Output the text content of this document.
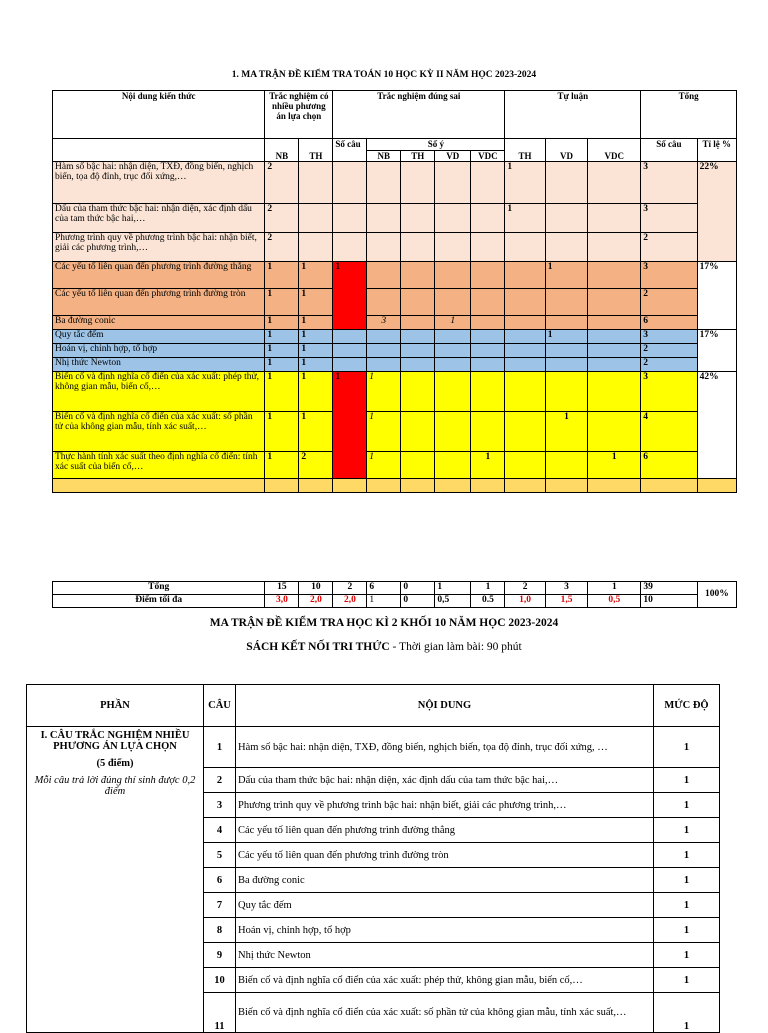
1. MA TRẬN ĐỀ KIỂM TRA TOÁN 10 HỌC KỲ II NĂM HỌC 2023-2024
Nội dung kiến thức	Trắc nghiệm có nhiều phương án lựa chọn		Trắc nghiệm đúng sai					Tự luận			Tổng	
	NB	TH	Số câu	Số ý				TH	VD	VDC	Số câu	Tỉ lệ %
				NB	TH	VD	VDC					
Hàm số bậc hai: nhận diện, TXĐ, đồng biến, nghịch biến, tọa độ đỉnh, trục đối xứng,…	2							1			3	22%
Dấu của tham thức bậc hai: nhận diện, xác định dấu của tam thức bậc hai,…	2							1			3	
Phương trình quy về phương trình bậc hai: nhận biết, giải các phương trình,…	2										2	
Các yếu tố liên quan đến phương trình đường thẳng	1	1	1						1		3	17%
Các yếu tố liên quan đến phương trình đường tròn	1	1									2	
Ba đường conic	1	1		3		1					6	
Quy tắc đếm	1	1							1		3	17%
Hoán vị, chỉnh hợp, tổ hợp	1	1									2	
Nhị thức Newton	1	1									2	
Biến cố và định nghĩa cổ điển của xác xuất: phép thử, không gian mẫu, biến cố,…	1	1	1	1							3	42%
Biến cố và định nghĩa cổ điển của xác xuất: số phần tử của không gian mẫu, tính xác suất,…	1	1		1					1		4	
Thực hành tính xác suất theo định nghĩa cổ điển: tính xác suất của biến cố,…	1	2		1			1			1	6	

Tổng	15	10	2	6	0	1	1	2	3	1	39	100%
Điểm tối đa	3,0	2,0	2,0	1	0	0,5	0.5	1,0	1,5	0,5	10	
MA TRẬN ĐỀ KIỂM TRA HỌC KÌ 2 KHỐI 10 NĂM HỌC 2023-2024
SÁCH KẾT NỐI TRI THỨC - Thời gian làm bài: 90 phút
PHẦN	CÂU	NỘI DUNG	MỨC ĐỘ

I. CÂU TRẮC NGHIỆM NHIỀU PHƯƠNG ÁN LỰA CHỌN
(5 điểm)
Mỗi câu trả lời đúng thí sinh được 0,2 điểm	1	Hàm số bậc hai: nhận diện, TXĐ, đồng biến, nghịch biến, tọa độ đỉnh, trục đối xứng, …	1
	2	Dấu của tham thức bậc hai: nhận diện, xác định dấu của tam thức bậc hai,…	1
	3	Phương trình quy về phương trình bậc hai: nhận biết, giải các phương trình,…	1
	4	Các yếu tố liên quan đến phương trình đường thẳng	1
	5	Các yếu tố liên quan đến phương trình đường tròn	1
	6	Ba đường conic	1
	7	Quy tắc đếm	1
	8	Hoán vị, chỉnh hợp, tổ hợp	1
	9	Nhị thức Newton	1
	10	Biến cố và định nghĩa cổ điển của xác xuất: phép thử, không gian mẫu, biến cố,…	1
	11	Biến cố và định nghĩa cổ điển của xác xuất: số phần tử của không gian mẫu, tính xác suất,…	1
